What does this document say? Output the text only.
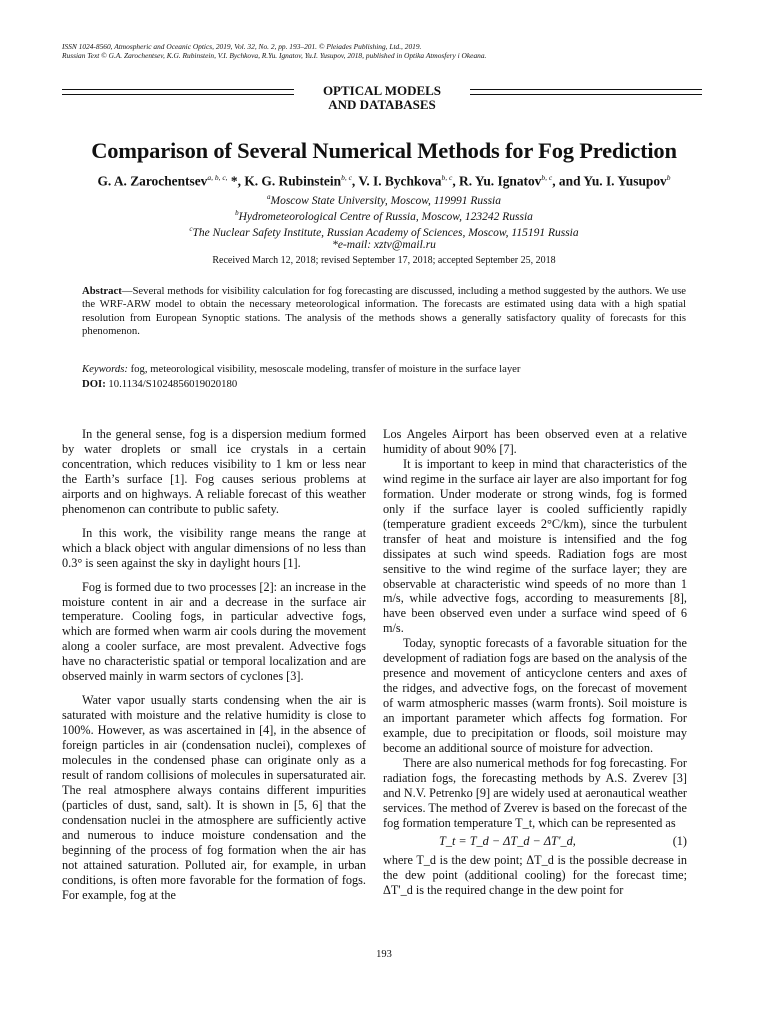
ISSN 1024-8560, Atmospheric and Oceanic Optics, 2019, Vol. 32, No. 2, pp. 193–201. © Pleiades Publishing, Ltd., 2019.
Russian Text © G.A. Zarochentsev, K.G. Rubinstein, V.I. Bychkova, R.Yu. Ignatov, Yu.I. Yusupov, 2018, published in Optika Atmosfery i Okeana.
OPTICAL MODELS
AND DATABASES
Comparison of Several Numerical Methods for Fog Prediction
G. A. Zarochentsev$^{a, b, c,}$ *, K. G. Rubinstein$^{b, c}$, V. I. Bychkova$^{b, c}$, R. Yu. Ignatov$^{b, c}$, and Yu. I. Yusupov$^b$
$^a$Moscow State University, Moscow, 119991 Russia
$^b$Hydrometeorological Centre of Russia, Moscow, 123242 Russia
$^c$The Nuclear Safety Institute, Russian Academy of Sciences, Moscow, 115191 Russia
*e-mail: xztv@mail.ru
Received March 12, 2018; revised September 17, 2018; accepted September 25, 2018
Abstract—Several methods for visibility calculation for fog forecasting are discussed, including a method suggested by the authors. We use the WRF-ARW model to obtain the necessary meteorological information. The forecasts are estimated using data with a high spatial resolution from European Synoptic stations. The analysis of the methods shows a generally satisfactory quality of forecasts for this phenomenon.
Keywords: fog, meteorological visibility, mesoscale modeling, transfer of moisture in the surface layer
DOI: 10.1134/S1024856019020180

In the general sense, fog is a dispersion medium formed by water droplets or small ice crystals in a certain concentration, which reduces visibility to 1 km or less near the Earth’s surface [1]. Fog causes serious problems at airports and on highways. A reliable forecast of this weather phenomenon can contribute to public safety.

In this work, the visibility range means the range at which a black object with angular dimensions of no less than 0.3° is seen against the sky in daylight hours [1].

Fog is formed due to two processes [2]: an increase in the moisture content in air and a decrease in the surface air temperature. Cooling fogs, in particular advective fogs, which are formed when warm air cools during the movement along a cooler surface, are most prevalent. Advective fogs have no characteristic spatial or temporal localization and are observed mainly in warm sectors of cyclones [3].

Water vapor usually starts condensing when the air is saturated with moisture and the relative humidity is close to 100%. However, as was ascertained in [4], in the absence of foreign particles in air (condensation nuclei), complexes of molecules in the condensed phase can originate only as a result of random collisions of molecules in supersaturated air. The real atmosphere always contains different impurities (particles of dust, sand, salt). It is shown in [5, 6] that the condensation nuclei in the atmosphere are sufficiently active and numerous to induce moisture condensation and the beginning of the process of fog formation when the air has not attained saturation. Polluted air, for example, in urban conditions, is often more favorable for the formation of fogs. For example, fog at the

Los Angeles Airport has been observed even at a relative humidity of about 90% [7].

It is important to keep in mind that characteristics of the wind regime in the surface air layer are also important for fog formation. Under moderate or strong winds, fog is formed only if the surface layer is cooled sufficiently rapidly (temperature gradient exceeds 2°C/km), since the turbulent transfer of heat and moisture is intensified and the fog dissipates at such wind speeds. Radiation fogs are most sensitive to the wind regime of the surface layer; they are observable at characteristic wind speeds of no more than 1 m/s, while advective fogs, according to measurements [8], have been observed even under a surface wind speed of 6 m/s.

Today, synoptic forecasts of a favorable situation for the development of radiation fogs are based on the analysis of the presence and movement of anticyclone centers and axes of the ridges, and advective fogs, on the forecast of movement of warm atmospheric masses (warm fronts). Soil moisture is an important parameter which affects fog formation. For example, due to precipitation or floods, soil moisture may become an additional source of moisture for advection.

There are also numerical methods for fog forecasting. For radiation fogs, the forecasting methods by A.S. Zverev [3] and N.V. Petrenko [9] are widely used at aeronautical weather services. The method of Zverev is based on the forecast of the fog formation temperature T_t, which can be represented as

T_t = T_d − ΔT_d − ΔT'_d,	(1)

where T_d is the dew point; ΔT_d is the possible decrease in the dew point (additional cooling) for the forecast time; ΔT'_d is the required change in the dew point for

193
